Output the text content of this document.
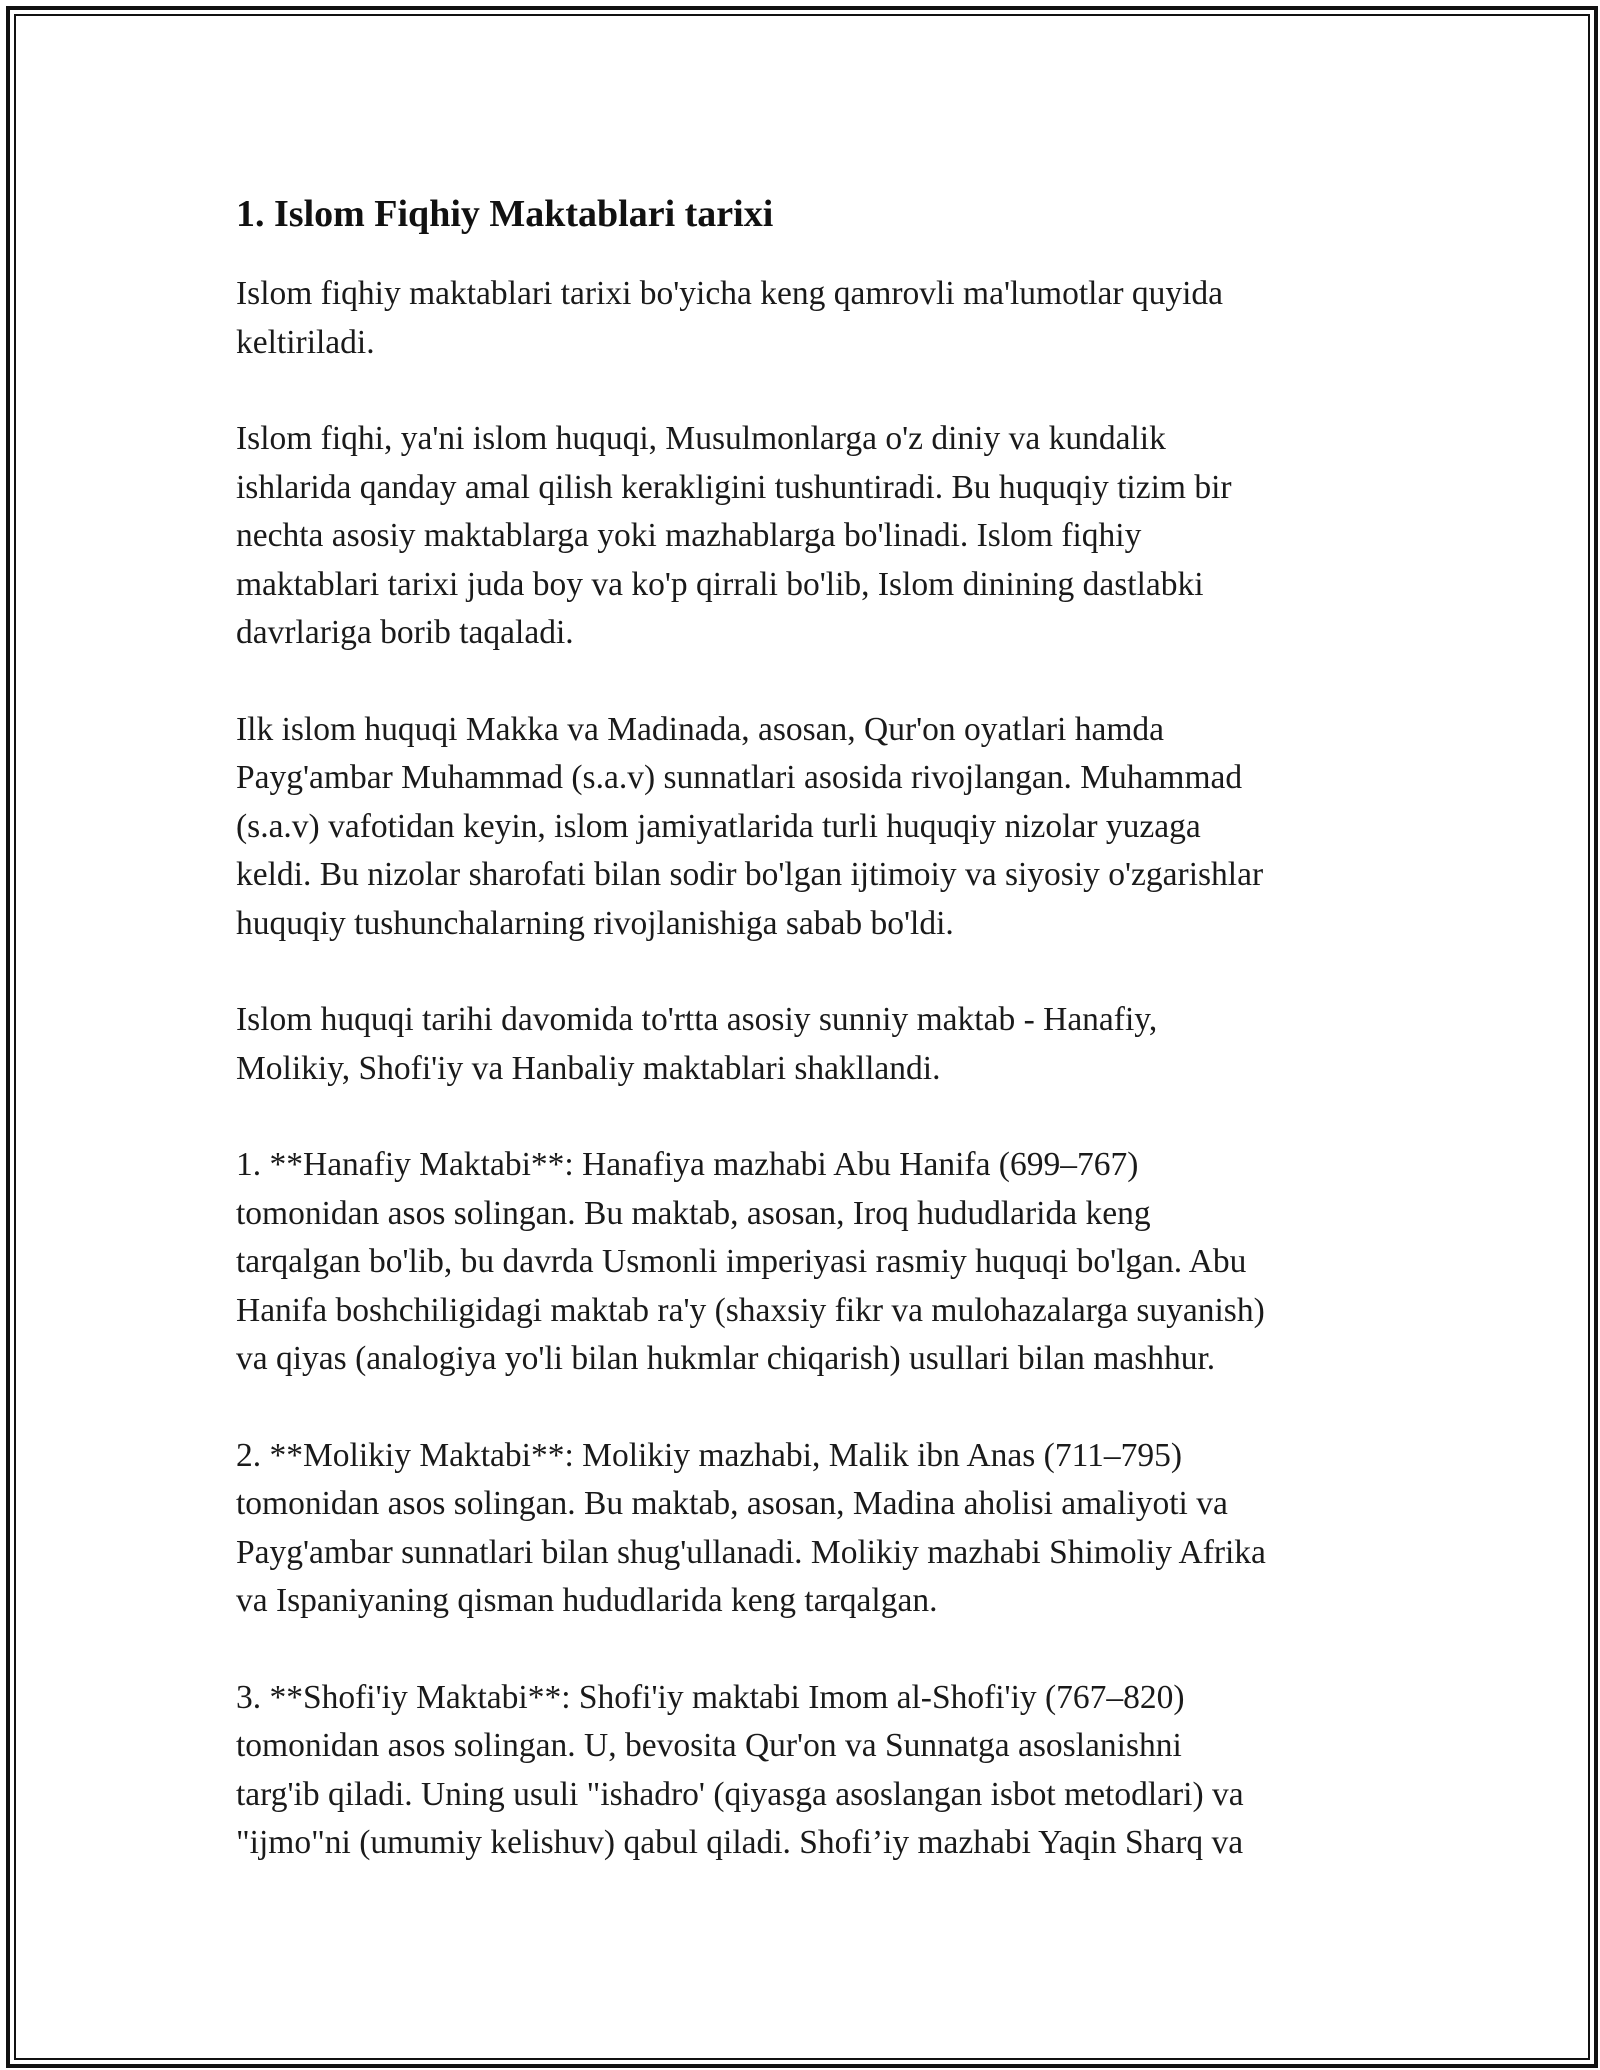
1. Islom Fiqhiy Maktablari tarixi

Islom fiqhiy maktablari tarixi bo'yicha keng qamrovli ma'lumotlar quyida
keltiriladi.

Islom fiqhi, ya'ni islom huquqi, Musulmonlarga o'z diniy va kundalik
ishlarida qanday amal qilish kerakligini tushuntiradi. Bu huquqiy tizim bir
nechta asosiy maktablarga yoki mazhablarga bo'linadi. Islom fiqhiy
maktablari tarixi juda boy va ko'p qirrali bo'lib, Islom dinining dastlabki
davrlariga borib taqaladi.

Ilk islom huquqi Makka va Madinada, asosan, Qur'on oyatlari hamda
Payg'ambar Muhammad (s.a.v) sunnatlari asosida rivojlangan. Muhammad
(s.a.v) vafotidan keyin, islom jamiyatlarida turli huquqiy nizolar yuzaga
keldi. Bu nizolar sharofati bilan sodir bo'lgan ijtimoiy va siyosiy o'zgarishlar
huquqiy tushunchalarning rivojlanishiga sabab bo'ldi.

Islom huquqi tarihi davomida to'rtta asosiy sunniy maktab - Hanafiy,
Molikiy, Shofi'iy va Hanbaliy maktablari shakllandi.

1. **Hanafiy Maktabi**: Hanafiya mazhabi Abu Hanifa (699–767)
tomonidan asos solingan. Bu maktab, asosan, Iroq hududlarida keng
tarqalgan bo'lib, bu davrda Usmonli imperiyasi rasmiy huquqi bo'lgan. Abu
Hanifa boshchiligidagi maktab ra'y (shaxsiy fikr va mulohazalarga suyanish)
va qiyas (analogiya yo'li bilan hukmlar chiqarish) usullari bilan mashhur.

2. **Molikiy Maktabi**: Molikiy mazhabi, Malik ibn Anas (711–795)
tomonidan asos solingan. Bu maktab, asosan, Madina aholisi amaliyoti va
Payg'ambar sunnatlari bilan shug'ullanadi. Molikiy mazhabi Shimoliy Afrika
va Ispaniyaning qisman hududlarida keng tarqalgan.

3. **Shofi'iy Maktabi**: Shofi'iy maktabi Imom al-Shofi'iy (767–820)
tomonidan asos solingan. U, bevosita Qur'on va Sunnatga asoslanishni
targ'ib qiladi. Uning usuli "ishadro' (qiyasga asoslangan isbot metodlari) va
"ijmo"ni (umumiy kelishuv) qabul qiladi. Shofi’iy mazhabi Yaqin Sharq va
